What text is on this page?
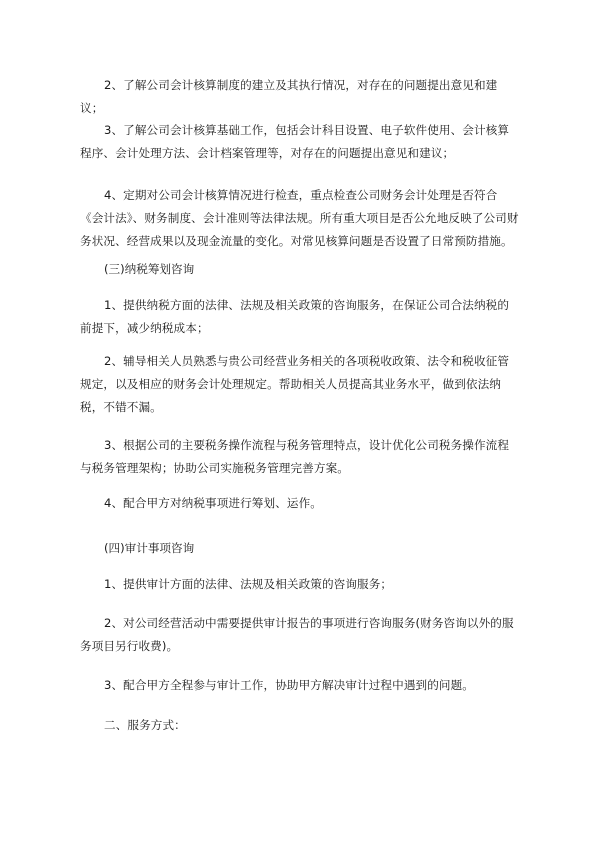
2、了解公司会计核算制度的建立及其执行情况，对存在的问题提出意见和建议；

3、了解公司会计核算基础工作，包括会计科目设置、电子软件使用、会计核算程序、会计处理方法、会计档案管理等，对存在的问题提出意见和建议；

4、定期对公司会计核算情况进行检查，重点检查公司财务会计处理是否符合《会计法》、财务制度、会计准则等法律法规。所有重大项目是否公允地反映了公司财务状况、经营成果以及现金流量的变化。对常见核算问题是否设置了日常预防措施。

(三)纳税筹划咨询

1、提供纳税方面的法律、法规及相关政策的咨询服务，在保证公司合法纳税的前提下，减少纳税成本；

2、辅导相关人员熟悉与贵公司经营业务相关的各项税收政策、法令和税收征管规定，以及相应的财务会计处理规定。帮助相关人员提高其业务水平，做到依法纳税，不错不漏。

3、根据公司的主要税务操作流程与税务管理特点，设计优化公司税务操作流程与税务管理架构；协助公司实施税务管理完善方案。

4、配合甲方对纳税事项进行筹划、运作。

(四)审计事项咨询

1、提供审计方面的法律、法规及相关政策的咨询服务；

2、对公司经营活动中需要提供审计报告的事项进行咨询服务(财务咨询以外的服务项目另行收费)。

3、配合甲方全程参与审计工作，协助甲方解决审计过程中遇到的问题。

二、服务方式：
